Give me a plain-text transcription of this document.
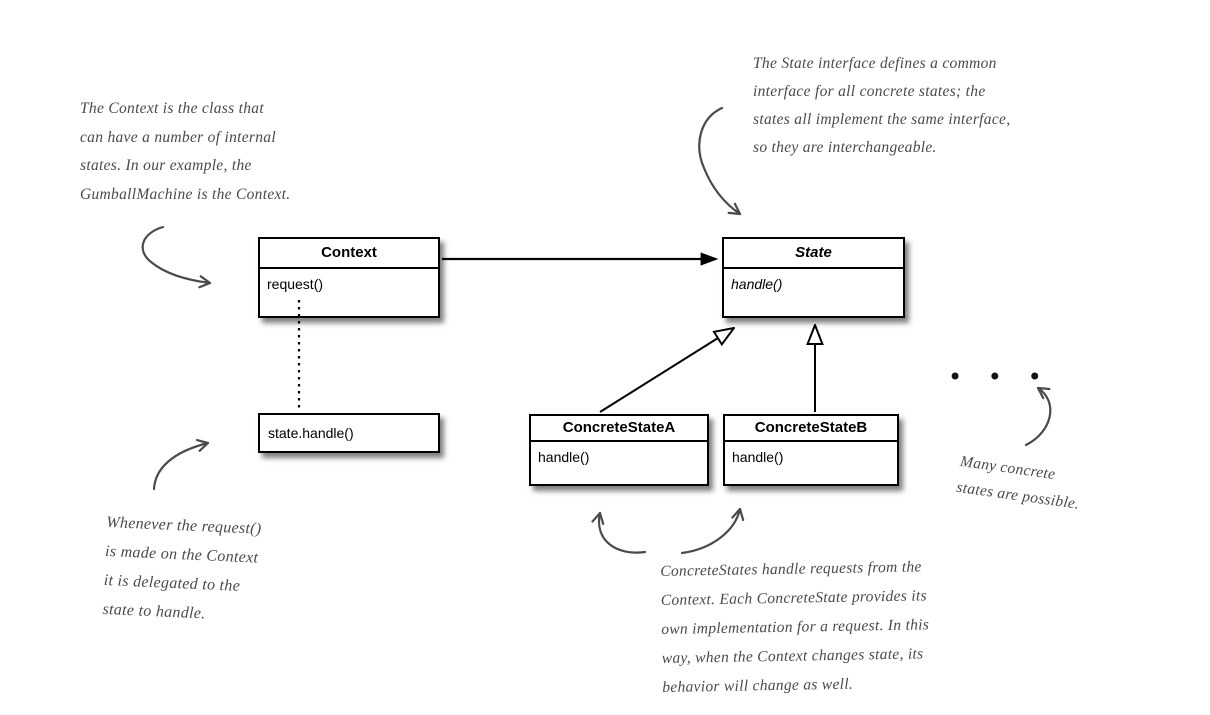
The Context is the class that
can have a number of internal
states. In our example, the
GumballMachine is the Context.
The State interface defines a common
interface for all concrete states; the
states all implement the same interface,
so they are interchangeable.
Whenever the request()
is made on the Context
it is delegated to the
state to handle.
ConcreteStates handle requests from the
Context. Each ConcreteState provides its
own implementation for a request. In this
way, when the Context changes state, its
behavior will change as well.
Many concrete
states are possible.
• • •
Context
request()
State
handle()
ConcreteStateA
handle()
ConcreteStateB
handle()
state.handle()
